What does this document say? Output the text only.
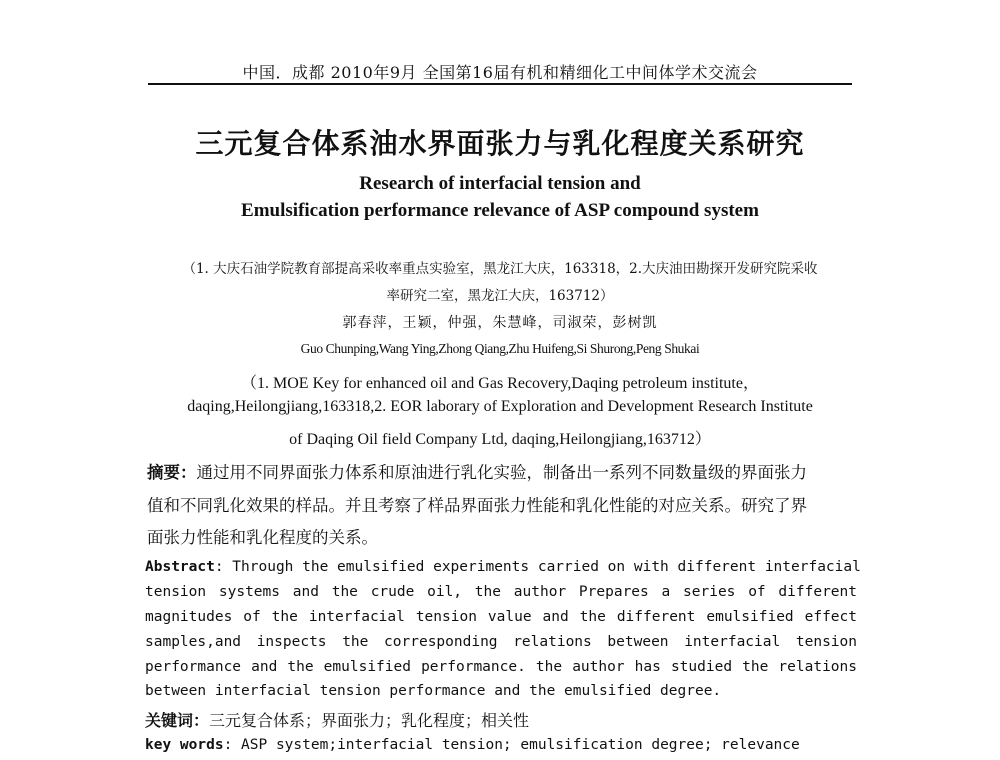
中国．成都 2010年9月 全国第16届有机和精细化工中间体学术交流会
三元复合体系油水界面张力与乳化程度关系研究
Research of interfacial tension and
Emulsification performance relevance of ASP compound system
（1. 大庆石油学院教育部提高采收率重点实验室，黑龙江大庆，163318，2.大庆油田勘探开发研究院采收
率研究二室，黑龙江大庆，163712）
郭春萍，王颖，仲强，朱慧峰，司淑荣，彭树凯
Guo Chunping,Wang Ying,Zhong Qiang,Zhu Huifeng,Si Shurong,Peng Shukai
（1. MOE Key for enhanced oil and Gas Recovery,Daqing petroleum institute，
daqing,Heilongjiang,163318,2. EOR laborary of Exploration and Development Research Institute
of Daqing Oil field Company Ltd, daqing,Heilongjiang,163712）
摘要：通过用不同界面张力体系和原油进行乳化实验，制备出一系列不同数量级的界面张力
值和不同乳化效果的样品。并且考察了样品界面张力性能和乳化性能的对应关系。研究了界
面张力性能和乳化程度的关系。
Abstract: Through the emulsified experiments carried on with different interfacial
tension systems and the crude oil, the author Prepares a series of different
magnitudes of the interfacial tension value and the different emulsified effect
samples,and inspects the corresponding relations between interfacial tension
performance and the emulsified performance. the author has studied the relations
between interfacial tension performance and the emulsified degree.
关键词：三元复合体系；界面张力；乳化程度；相关性
key words: ASP system;interfacial tension; emulsification degree; relevance
